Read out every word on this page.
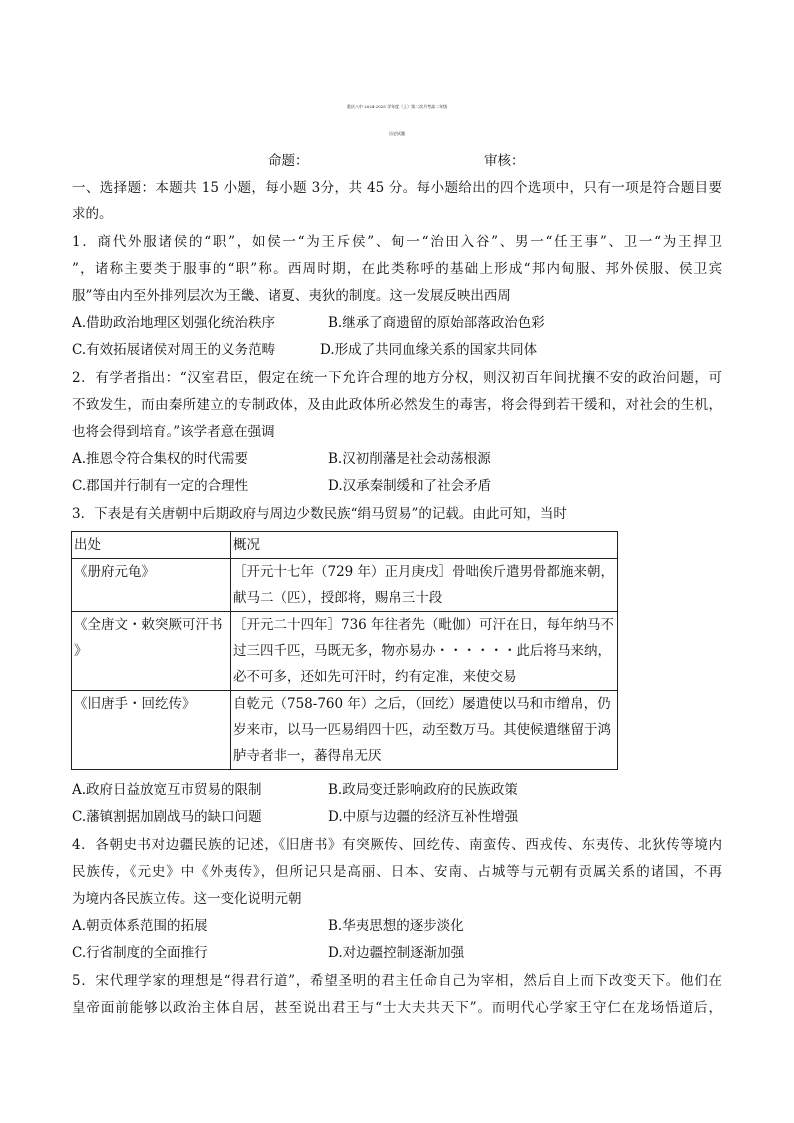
重庆八中 2024-2025 学年度（上）第二次月考高二年级
历史试题
命题：	审核：
一、选择题：本题共 15 小题，每小题 3分，共 45 分。每小题给出的四个选项中，只有一项是符合题目要
求的。
1．商代外服诸侯的“职”，如侯一“为王斥侯”、甸一“治田入谷”、男一“任王事”、卫一“为王捍卫
”，诸称主要类于服事的“职”称。西周时期，在此类称呼的基础上形成“邦内甸服、邦外侯服、侯卫宾
服”等由内至外排列层次为王畿、诸夏、夷狄的制度。这一发展反映出西周
A.借助政治地理区划强化统治秩序	B.继承了商遗留的原始部落政治色彩
C.有效拓展诸侯对周王的义务范畴	D.形成了共同血缘关系的国家共同体
2．有学者指出：“汉室君臣，假定在统一下允许合理的地方分权，则汉初百年间扰攘不安的政治问题，可
不致发生，而由秦所建立的专制政体，及由此政体所必然发生的毒害，将会得到若干缓和，对社会的生机，
也将会得到培育。”该学者意在强调
A.推恩令符合集权的时代需要	B.汉初削藩是社会动荡根源
C.郡国并行制有一定的合理性	D.汉承秦制缓和了社会矛盾
3．下表是有关唐朝中后期政府与周边少数民族“绢马贸易”的记载。由此可知，当时
出处	概况

《册府元龟》	［开元十七年（729 年）正月庚戌］骨咄俟斤遣男骨都施来朝，
献马二（匹），授郎将，赐帛三十段

《全唐文・敕突厥可汗书
》	［开元二十四年］736 年往者先（毗伽）可汗在日，每年纳马不
过三四千匹，马既无多，物亦易办・・・・・・此后将马来纳，
必不可多，还如先可汗时，约有定准，来使交易

《旧唐手・回纥传》	自乾元（758-760 年）之后，（回纥）屡遣使以马和市缯帛，仍
岁来市，以马一匹易绢四十匹，动至数万马。其使候遣继留于鸿
胪寺者非一，蕃得帛无厌
A.政府日益放宽互市贸易的限制	B.政局变迁影响政府的民族政策
C.藩镇割据加剧战马的缺口问题	D.中原与边疆的经济互补性增强
4．各朝史书对边疆民族的记述，《旧唐书》有突厥传、回纥传、南蛮传、西戎传、东夷传、北狄传等境内
民族传，《元史》中《外夷传》，但所记只是高丽、日本、安南、占城等与元朝有贡属关系的诸国，不再
为境内各民族立传。这一变化说明元朝
A.朝贡体系范围的拓展	B.华夷思想的逐步淡化
C.行省制度的全面推行	D.对边疆控制逐渐加强
5．宋代理学家的理想是“得君行道”，希望圣明的君主任命自己为宰相，然后自上而下改变天下。他们在
皇帝面前能够以政治主体自居，甚至说出君王与“士大夫共天下”。而明代心学家王守仁在龙场悟道后，
